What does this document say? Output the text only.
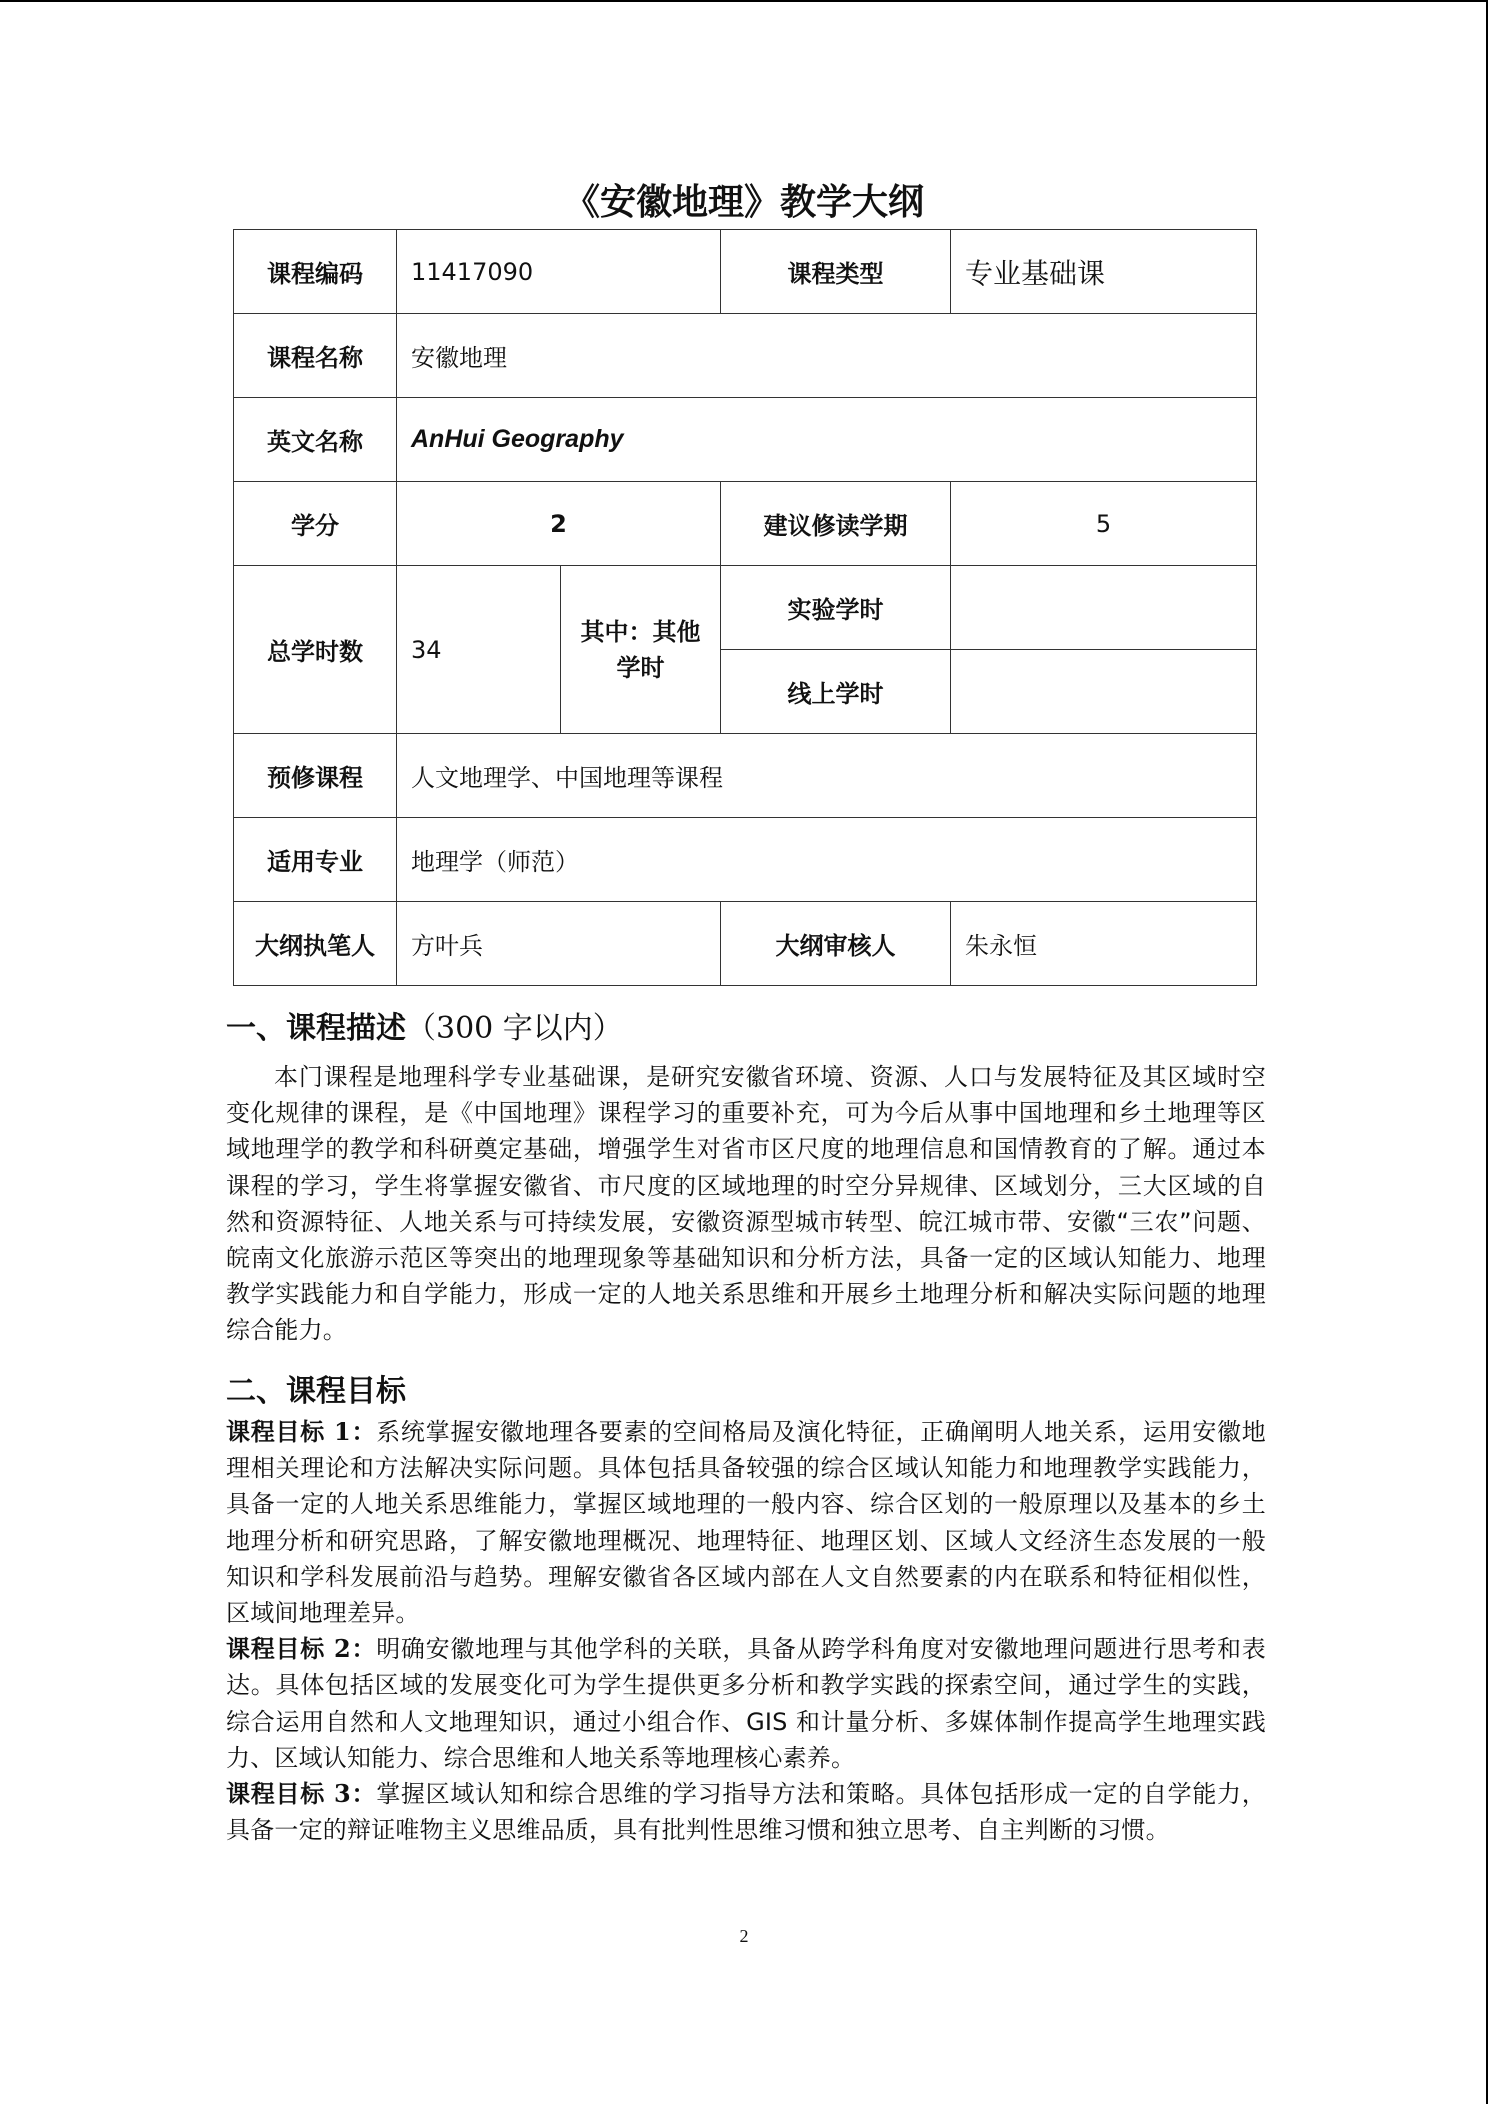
《安徽地理》教学大纲
课程编码	11417090		课程类型	专业基础课
课程名称	安徽地理			
英文名称	AnHui Geography			
学分	2		建议修读学期	5
总学时数	34	其中：其他学时	实验学时	
			线上学时	
预修课程	人文地理学、中国地理等课程			
适用专业	地理学（师范）			
大纲执笔人	方叶兵		大纲审核人	朱永恒
一、课程描述（300 字以内）

本门课程是地理科学专业基础课，是研究安徽省环境、资源、人口与发展特征及其区域时空变化规律的课程，是《中国地理》课程学习的重要补充，可为今后从事中国地理和乡土地理等区域地理学的教学和科研奠定基础，增强学生对省市区尺度的地理信息和国情教育的了解。通过本课程的学习，学生将掌握安徽省、市尺度的区域地理的时空分异规律、区域划分，三大区域的自然和资源特征、人地关系与可持续发展，安徽资源型城市转型、皖江城市带、安徽“三农”问题、皖南文化旅游示范区等突出的地理现象等基础知识和分析方法，具备一定的区域认知能力、地理教学实践能力和自学能力，形成一定的人地关系思维和开展乡土地理分析和解决实际问题的地理综合能力。

二、课程目标

课程目标 1：系统掌握安徽地理各要素的空间格局及演化特征，正确阐明人地关系，运用安徽地理相关理论和方法解决实际问题。具体包括具备较强的综合区域认知能力和地理教学实践能力，具备一定的人地关系思维能力，掌握区域地理的一般内容、综合区划的一般原理以及基本的乡土地理分析和研究思路，了解安徽地理概况、地理特征、地理区划、区域人文经济生态发展的一般知识和学科发展前沿与趋势。理解安徽省各区域内部在人文自然要素的内在联系和特征相似性，区域间地理差异。

课程目标 2：明确安徽地理与其他学科的关联，具备从跨学科角度对安徽地理问题进行思考和表达。具体包括区域的发展变化可为学生提供更多分析和教学实践的探索空间，通过学生的实践，综合运用自然和人文地理知识，通过小组合作、GIS 和计量分析、多媒体制作提高学生地理实践力、区域认知能力、综合思维和人地关系等地理核心素养。

课程目标 3：掌握区域认知和综合思维的学习指导方法和策略。具体包括形成一定的自学能力，具备一定的辩证唯物主义思维品质，具有批判性思维习惯和独立思考、自主判断的习惯。

2
